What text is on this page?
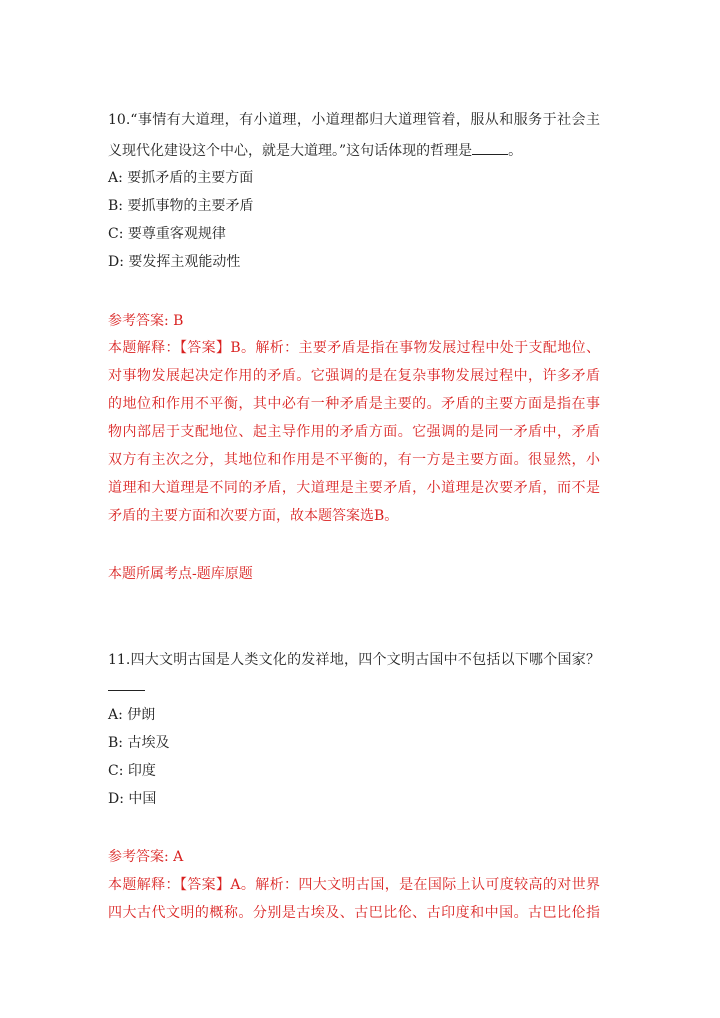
10.“事情有大道理，有小道理，小道理都归大道理管着，服从和服务于社会主
义现代化建设这个中心，就是大道理。”这句话体现的哲理是	。
A: 要抓矛盾的主要方面
B: 要抓事物的主要矛盾
C: 要尊重客观规律
D: 要发挥主观能动性
参考答案: B
本题解释：【答案】B。解析：主要矛盾是指在事物发展过程中处于支配地位、
对事物发展起决定作用的矛盾。它强调的是在复杂事物发展过程中，许多矛盾
的地位和作用不平衡，其中必有一种矛盾是主要的。矛盾的主要方面是指在事
物内部居于支配地位、起主导作用的矛盾方面。它强调的是同一矛盾中，矛盾
双方有主次之分，其地位和作用是不平衡的，有一方是主要方面。很显然，小
道理和大道理是不同的矛盾，大道理是主要矛盾，小道理是次要矛盾，而不是
矛盾的主要方面和次要方面，故本题答案选B。
本题所属考点-题库原题
11.四大文明古国是人类文化的发祥地，四个文明古国中不包括以下哪个国家？
A: 伊朗
B: 古埃及
C: 印度
D: 中国
参考答案: A
本题解释：【答案】A。解析：四大文明古国，是在国际上认可度较高的对世界
四大古代文明的概称。分别是古埃及、古巴比伦、古印度和中国。古巴比伦指
